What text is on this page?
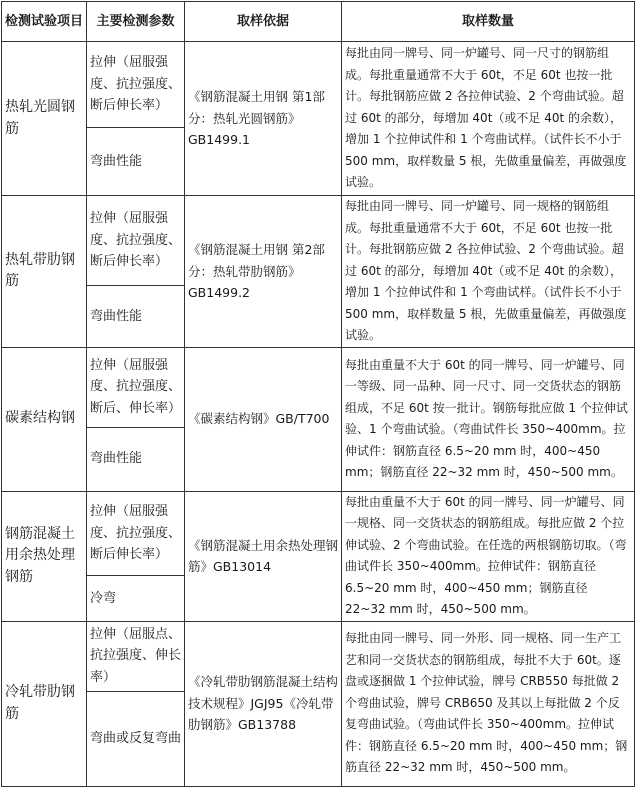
检测试验项目	主要检测参数	取样依据	取样数量
热轧光圆钢筋	拉伸（屈服强度、抗拉强度、断后伸长率）	《钢筋混凝土用钢 第1部分：热轧光圆钢筋》GB1499.1	每批由同一牌号、同一炉罐号、同一尺寸的钢筋组成。每批重量通常不大于 60t，不足 60t 也按一批计。每批钢筋应做 2 各拉伸试验、2 个弯曲试验。超过 60t 的部分，每增加 40t（或不足 40t 的余数），增加 1 个拉伸试件和 1 个弯曲试样。（试件长不小于 500 mm，取样数量 5 根，先做重量偏差，再做强度试验。
	弯曲性能		
热轧带肋钢筋	拉伸（屈服强度、抗拉强度、断后伸长率）	《钢筋混凝土用钢 第2部分：热轧带肋钢筋》GB1499.2	每批由同一牌号、同一炉罐号、同一规格的钢筋组成。每批重量通常不大于 60t，不足 60t 也按一批计。每批钢筋应做 2 各拉伸试验、2 个弯曲试验。超过 60t 的部分，每增加 40t（或不足 40t 的余数），增加 1 个拉伸试件和 1 个弯曲试样。（试件长不小于 500 mm，取样数量 5 根，先做重量偏差，再做强度试验。
	弯曲性能		
碳素结构钢	拉伸（屈服强度、抗拉强度、断后、伸长率）	《碳素结构钢》GB/T700	每批由重量不大于 60t 的同一牌号、同一炉罐号、同一等级、同一品种、同一尺寸、同一交货状态的钢筋组成，不足 60t 按一批计。钢筋每批应做 1 个拉伸试验、1 个弯曲试验。（弯曲试件长 350~400mm。拉伸试件：钢筋直径 6.5~20 mm 时，400~450 mm；钢筋直径 22~32 mm 时，450~500 mm。
	弯曲性能		
钢筋混凝土用余热处理钢筋	拉伸（屈服强度、抗拉强度、断后伸长率）	《钢筋混凝土用余热处理钢筋》GB13014	每批由重量不大于 60t 的同一牌号、同一炉罐号、同一规格、同一交货状态的钢筋组成。每批应做 2 个拉伸试验、2 个弯曲试验。在任选的两根钢筋切取。（弯曲试件长 350~400mm。拉伸试件：钢筋直径 6.5~20 mm 时，400~450 mm；钢筋直径 22~32 mm 时，450~500 mm。
	冷弯		
冷轧带肋钢筋	拉伸（屈服点、抗拉强度、伸长率）	《冷轧带肋钢筋混凝土结构技术规程》JGJ95《冷轧带肋钢筋》GB13788	每批由同一牌号、同一外形、同一规格、同一生产工艺和同一交货状态的钢筋组成，每批不大于 60t。逐盘或逐捆做 1 个拉伸试验，牌号 CRB550 每批做 2 个弯曲试验，牌号 CRB650 及其以上每批做 2 个反复弯曲试验。（弯曲试件长 350~400mm。拉伸试件：钢筋直径 6.5~20 mm 时，400~450 mm；钢筋直径 22~32 mm 时，450~500 mm。
	弯曲或反复弯曲		
